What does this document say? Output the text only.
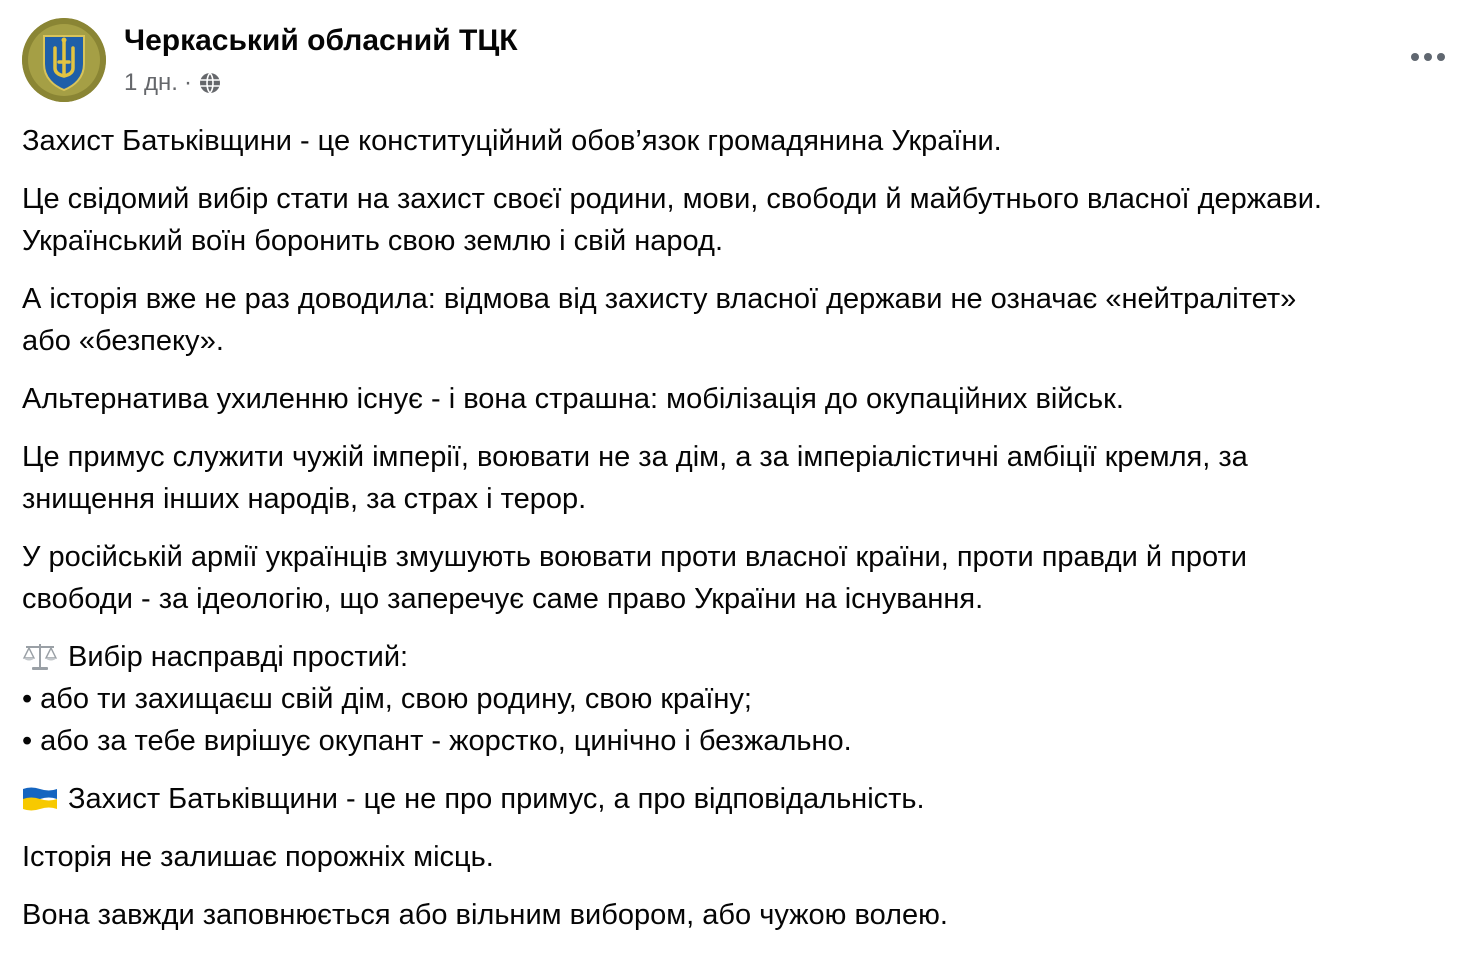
Черкаський обласний ТЦК
1 дн. ·

Захист Батьківщини - це конституційний обов’язок громадянина України.

Це свідомий вибір стати на захист своєї родини, мови, свободи й майбутнього власної держави.
Український воїн боронить свою землю і свій народ.

А історія вже не раз доводила: відмова від захисту власної держави не означає «нейтралітет»
або «безпеку».

Альтернатива ухиленню існує - і вона страшна: мобілізація до окупаційних військ.

Це примус служити чужій імперії, воювати не за дім, а за імперіалістичні амбіції кремля, за
знищення інших народів, за страх і терор.

У російській армії українців змушують воювати проти власної країни, проти правди й проти
свободи - за ідеологію, що заперечує саме право України на існування.

Вибір насправді простий:
• або ти захищаєш свій дім, свою родину, свою країну;
• або за тебе вирішує окупант - жорстко, цинічно і безжально.

Захист Батьківщини - це не про примус, а про відповідальність.

Історія не залишає порожніх місць.

Вона завжди заповнюється або вільним вибором, або чужою волею.
